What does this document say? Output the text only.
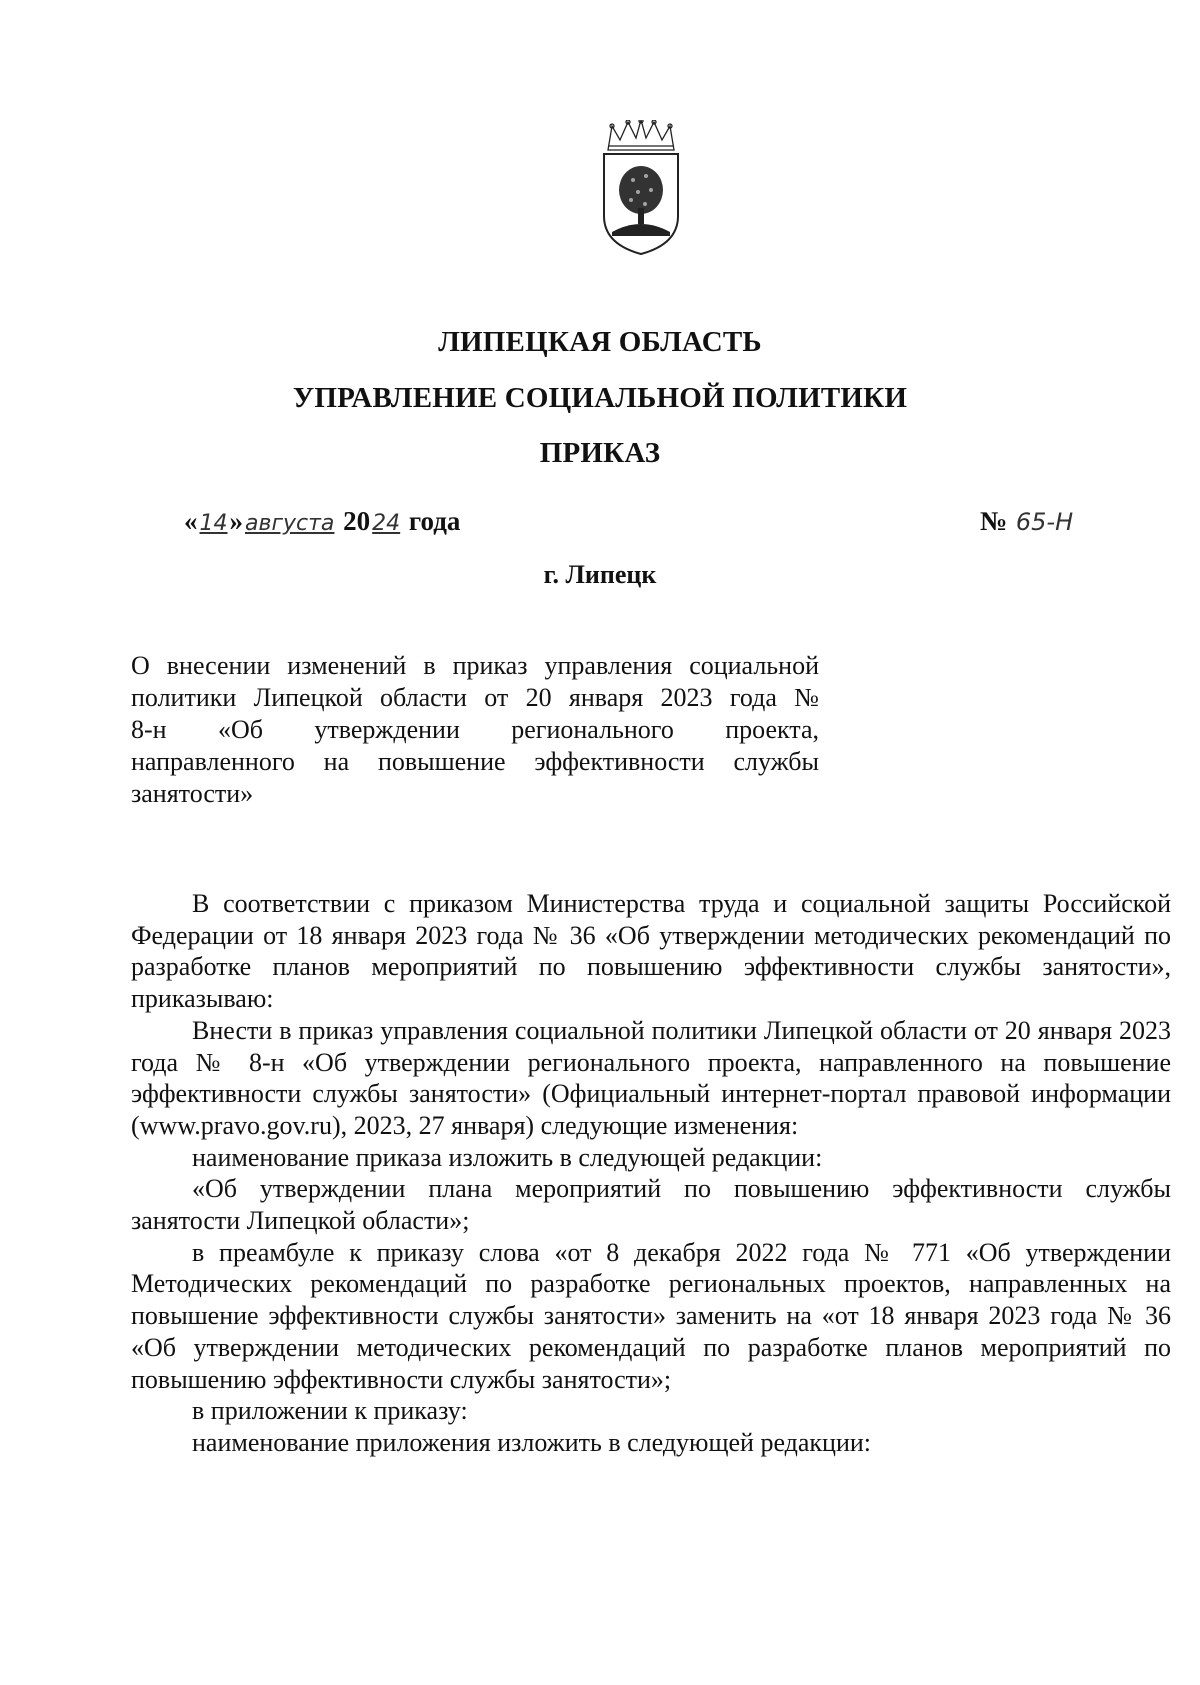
ЛИПЕЦКАЯ ОБЛАСТЬ
УПРАВЛЕНИЕ СОЦИАЛЬНОЙ ПОЛИТИКИ
ПРИКАЗ
«14»августа 2024 года	№ 65-Н
г. Липецк
О внесении изменений в приказ управления социальной
политики Липецкой области от 20 января 2023 года №
8-н «Об утверждении регионального проекта,
направленного на повышение эффективности службы
занятости»

В соответствии с приказом Министерства труда и социальной защиты Российской Федерации от 18 января 2023 года № 36 «Об утверждении методических рекомендаций по разработке планов мероприятий по повышению эффективности службы занятости», приказываю:

Внести в приказ управления социальной политики Липецкой области от 20 января 2023 года № 8-н «Об утверждении регионального проекта, направленного на повышение эффективности службы занятости» (Официальный интернет-портал правовой информации (www.pravo.gov.ru), 2023, 27 января) следующие изменения:

наименование приказа изложить в следующей редакции:

«Об утверждении плана мероприятий по повышению эффективности службы занятости Липецкой области»;

в преамбуле к приказу слова «от 8 декабря 2022 года № 771 «Об утверждении Методических рекомендаций по разработке региональных проектов, направленных на повышение эффективности службы занятости» заменить на «от 18 января 2023 года № 36 «Об утверждении методических рекомендаций по разработке планов мероприятий по повышению эффективности службы занятости»;

в приложении к приказу:

наименование приложения изложить в следующей редакции:
